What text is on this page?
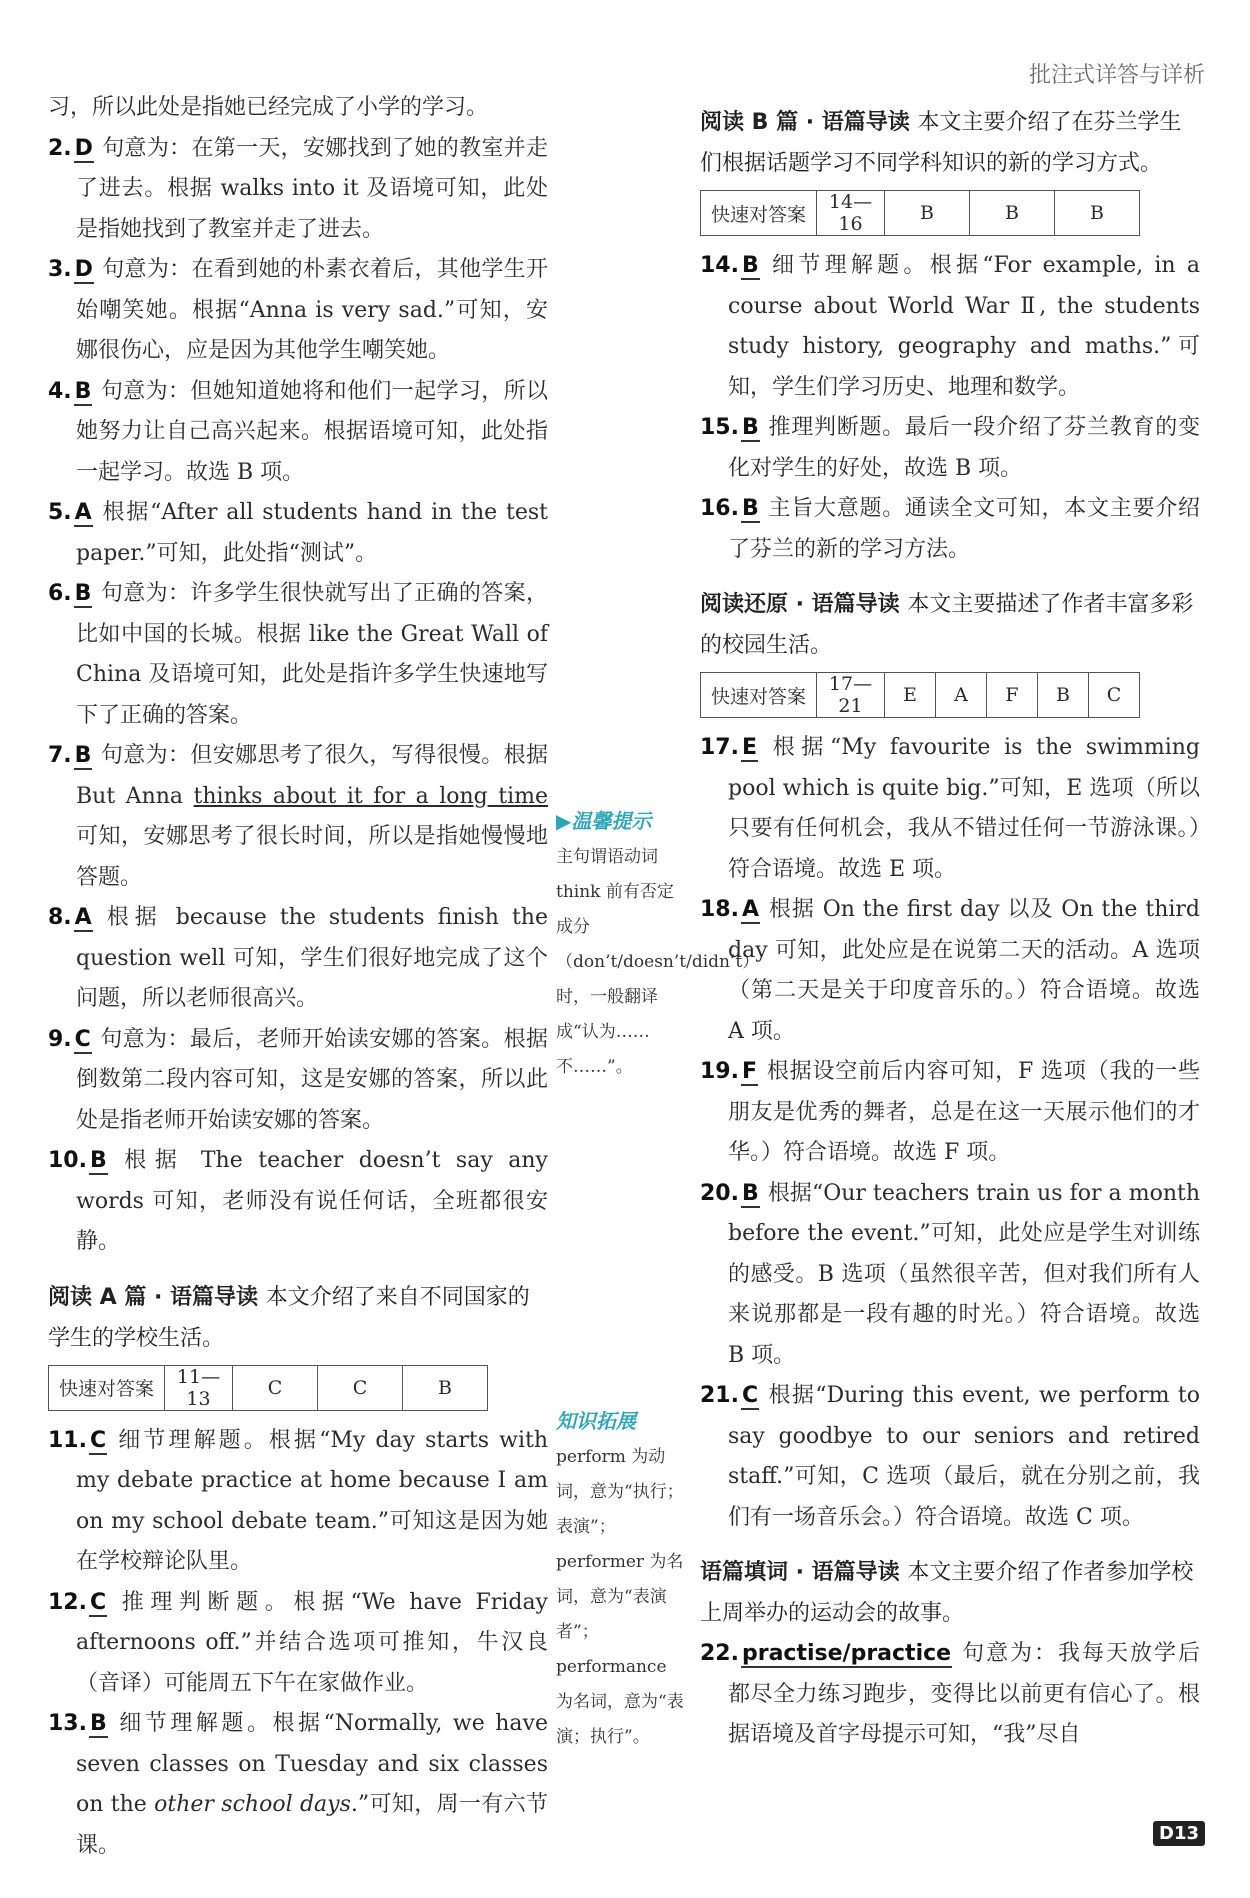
批注式详答与详析

习，所以此处是指她已经完成了小学的学习。

2. D 句意为：在第一天，安娜找到了她的教室并走了进去。根据 walks into it 及语境可知，此处是指她找到了教室并走了进去。

3. D 句意为：在看到她的朴素衣着后，其他学生开始嘲笑她。根据“Anna is very sad.”可知，安娜很伤心，应是因为其他学生嘲笑她。

4. B 句意为：但她知道她将和他们一起学习，所以她努力让自己高兴起来。根据语境可知，此处指一起学习。故选 B 项。

5. A 根据“After all students hand in the test paper.”可知，此处指“测试”。

6. B 句意为：许多学生很快就写出了正确的答案，比如中国的长城。根据 like the Great Wall of China 及语境可知，此处是指许多学生快速地写下了正确的答案。

7. B 句意为：但安娜思考了很久，写得很慢。根据 But Anna thinks about it for a long time 可知，安娜思考了很长时间，所以是指她慢慢地答题。

8. A 根据 because the students finish the question well 可知，学生们很好地完成了这个问题，所以老师很高兴。

9. C 句意为：最后，老师开始读安娜的答案。根据倒数第二段内容可知，这是安娜的答案，所以此处是指老师开始读安娜的答案。

10. B 根据 The teacher doesn’t say any words 可知，老师没有说任何话，全班都很安静。

阅读 A 篇 · 语篇导读 本文介绍了来自不同国家的学生的学校生活。
快速对答案	11—13	C	C	B

11. C 细节理解题。根据“My day starts with my debate practice at home because I am on my school debate team.”可知这是因为她在学校辩论队里。

12. C 推理判断题。根据“We have Friday afternoons off.”并结合选项可推知，牛汉良（音译）可能周五下午在家做作业。

13. B 细节理解题。根据“Normally, we have seven classes on Tuesday and six classes on the other school days.”可知，周一有六节课。

▶温馨提示
主句谓语动词 think 前有否定成分（don’t/doesn’t/didn’t）时，一般翻译成“认为……不……”。
知识拓展
perform 为动词，意为“执行；表演”；performer 为名词，意为“表演者”；performance 为名词，意为“表演；执行”。
阅读 B 篇 · 语篇导读 本文主要介绍了在芬兰学生们根据话题学习不同学科知识的新的学习方式。
快速对答案	14—16	B	B	B

14. B 细节理解题。根据“For example, in a course about World War Ⅱ, the students study history, geography and maths.”可知，学生们学习历史、地理和数学。

15. B 推理判断题。最后一段介绍了芬兰教育的变化对学生的好处，故选 B 项。

16. B 主旨大意题。通读全文可知，本文主要介绍了芬兰的新的学习方法。

阅读还原 · 语篇导读 本文主要描述了作者丰富多彩的校园生活。
快速对答案	17—21	E	A	F	B	C

17. E 根据“My favourite is the swimming pool which is quite big.”可知，E 选项（所以只要有任何机会，我从不错过任何一节游泳课。）符合语境。故选 E 项。

18. A 根据 On the first day 以及 On the third day 可知，此处应是在说第二天的活动。A 选项（第二天是关于印度音乐的。）符合语境。故选 A 项。

19. F 根据设空前后内容可知，F 选项（我的一些朋友是优秀的舞者，总是在这一天展示他们的才华。）符合语境。故选 F 项。

20. B 根据“Our teachers train us for a month before the event.”可知，此处应是学生对训练的感受。B 选项（虽然很辛苦，但对我们所有人来说那都是一段有趣的时光。）符合语境。故选 B 项。

21. C 根据“During this event, we perform to say goodbye to our seniors and retired staff.”可知，C 选项（最后，就在分别之前，我们有一场音乐会。）符合语境。故选 C 项。

语篇填词 · 语篇导读 本文主要介绍了作者参加学校上周举办的运动会的故事。

22. practise/practice 句意为：我每天放学后都尽全力练习跑步，变得比以前更有信心了。根据语境及首字母提示可知，“我”尽自

D13
